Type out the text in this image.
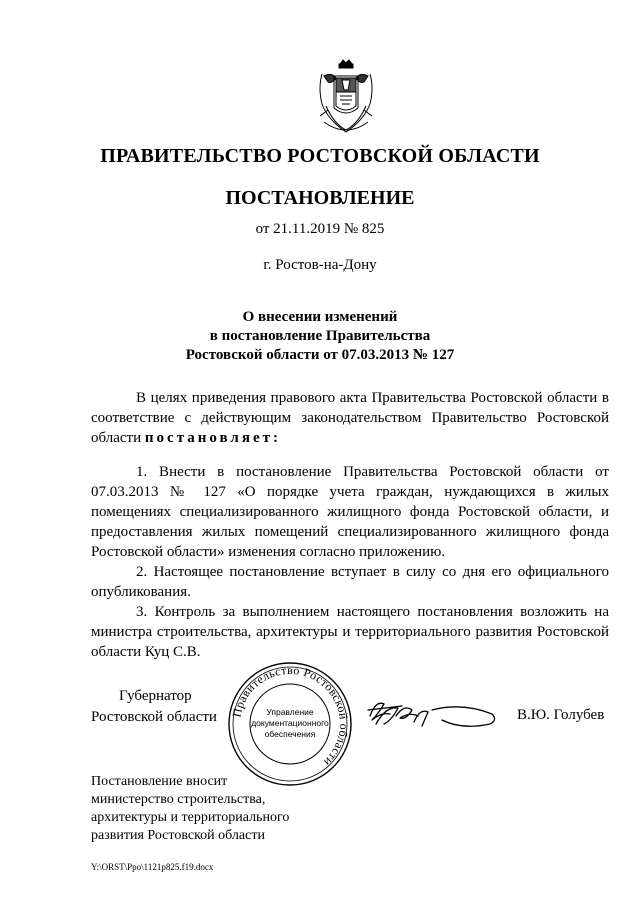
ПРАВИТЕЛЬСТВО РОСТОВСКОЙ ОБЛАСТИ
ПОСТАНОВЛЕНИЕ
от 21.11.2019 № 825
г. Ростов-на-Дону
О внесении изменений
в постановление Правительства
Ростовской области от 07.03.2013 № 127

В целях приведения правового акта Правительства Ростовской области в соответствие с действующим законодательством Правительство Ростовской области постановляет:

1. Внести в постановление Правительства Ростовской области от 07.03.2013 № 127 «О порядке учета граждан, нуждающихся в жилых помещениях специализированного жилищного фонда Ростовской области, и предоставления жилых помещений специализированного жилищного фонда Ростовской области» изменения согласно приложению.

2. Настоящее постановление вступает в силу со дня его официального опубликования.

3. Контроль за выполнением настоящего постановления возложить на министра строительства, архитектуры и территориального развития Ростовской области Куц С.В.

Губернатор
Ростовской области Правительство Ростовской области
Управление
документационного
обеспечения
В.Ю. Голубев
Постановление вносит
министерство строительства,
архитектуры и территориального
развития Ростовской области
Y:\ORST\Ppo\1121p825.f19.docx
